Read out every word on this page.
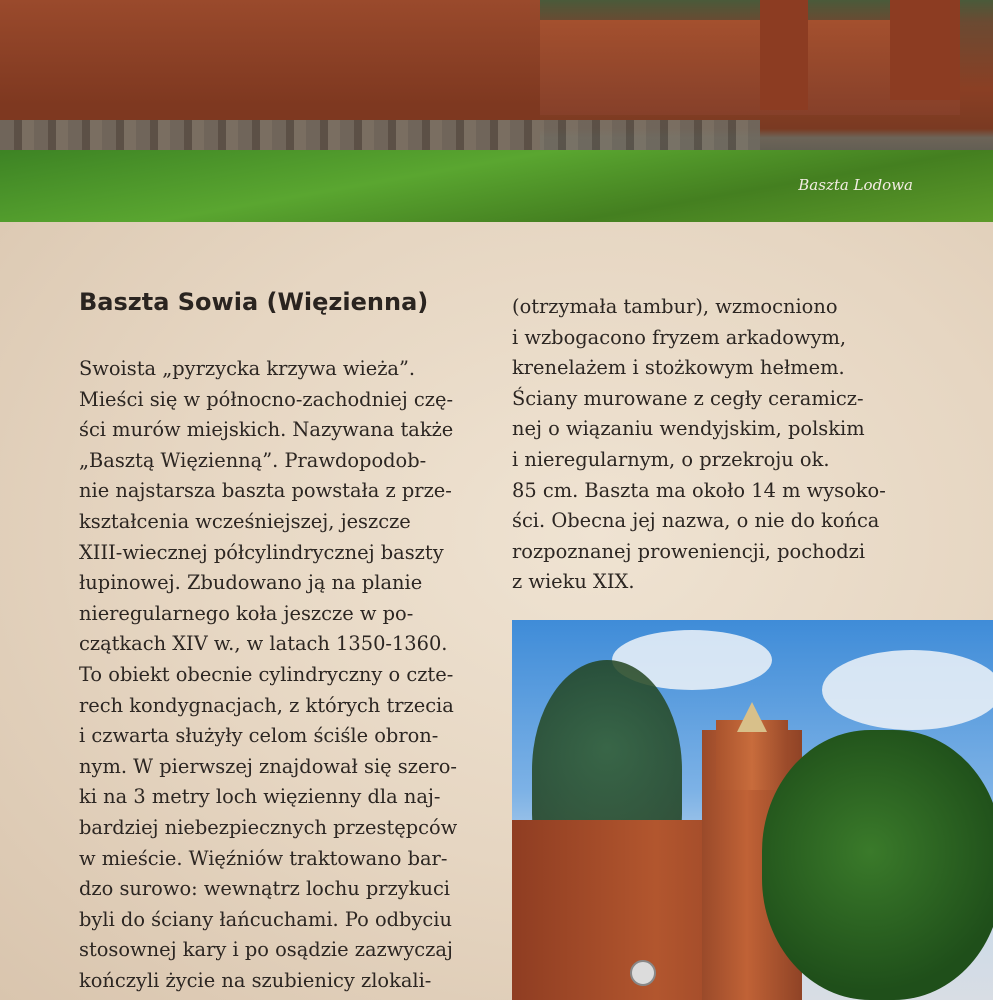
Baszta Lodowa
Baszta Sowia (Więzienna)

Swoista „pyrzycka krzywa wieża”.

Mieści się w północno-zachodniej czę-

ści murów miejskich. Nazywana także

„Basztą Więzienną”. Prawdopodob-

nie najstarsza baszta powstała z prze-

kształcenia wcześniejszej, jeszcze

XIII-wiecznej półcylindrycznej baszty

łupinowej. Zbudowano ją na planie

nieregularnego koła jeszcze w po-

czątkach XIV w., w latach 1350-1360.

To obiekt obecnie cylindryczny o czte-

rech kondygnacjach, z których trzecia

i czwarta służyły celom ściśle obron-

nym. W pierwszej znajdował się szero-

ki na 3 metry loch więzienny dla naj-

bardziej niebezpiecznych przestępców

w mieście. Więźniów traktowano bar-

dzo surowo: wewnątrz lochu przykuci

byli do ściany łańcuchami. Po odbyciu

stosownej kary i po osądzie zazwyczaj

kończyli życie na szubienicy zlokali-

(otrzymała tambur), wzmocniono

i wzbogacono fryzem arkadowym,

krenelażem i stożkowym hełmem.

Ściany murowane z cegły ceramicz-

nej o wiązaniu wendyjskim, polskim

i nieregularnym, o przekroju ok.

85 cm. Baszta ma około 14 m wysoko-

ści. Obecna jej nazwa, o nie do końca

rozpoznanej proweniencji, pochodzi

z wieku XIX.
